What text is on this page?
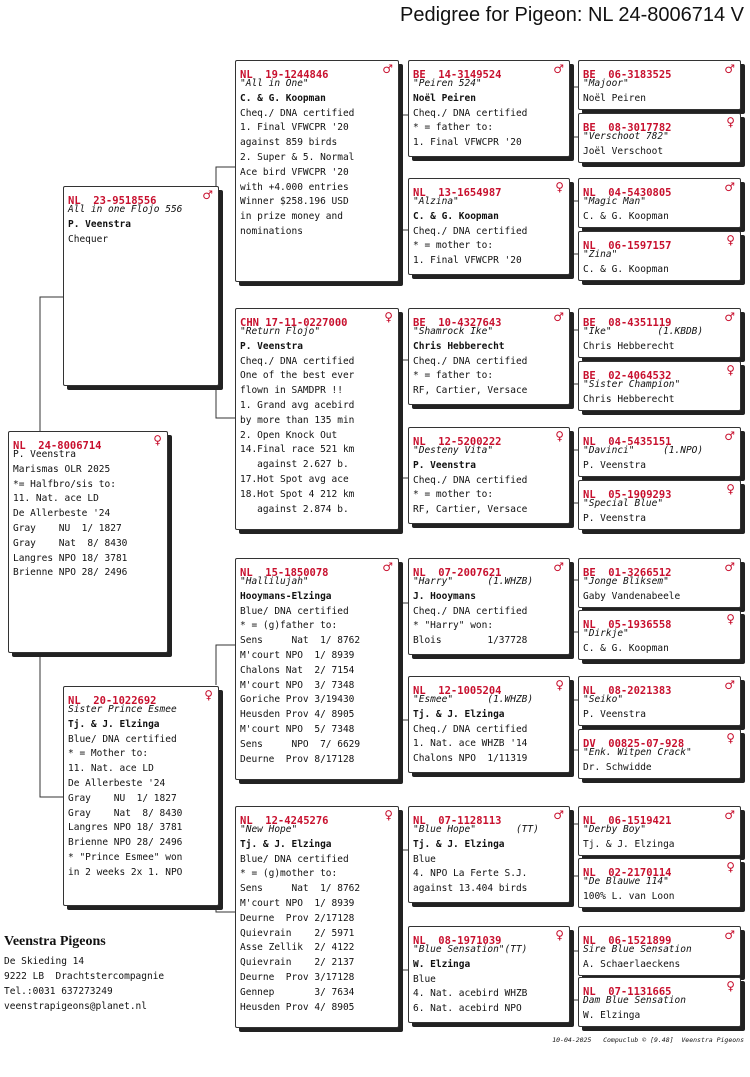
Pedigree for Pigeon: NL 24-8006714 V
NL  24-8006714	♀
P. Veenstra
Marismas OLR 2025
*= Halfbro/sis to:
11. Nat. ace LD
De Allerbeste '24
Gray    NU  1/ 1827
Gray    Nat  8/ 8430
Langres NPO 18/ 3781
Brienne NPO 28/ 2496
NL  23-9518556	♂
All in one Flojo 556
P. Veenstra
Chequer
NL  20-1022692	♀
Sister Prince Esmee
Tj. & J. Elzinga
Blue/ DNA certified
* = Mother to:
11. Nat. ace LD
De Allerbeste '24
Gray    NU  1/ 1827
Gray    Nat  8/ 8430
Langres NPO 18/ 3781
Brienne NPO 28/ 2496
* "Prince Esmee" won
in 2 weeks 2x 1. NPO
NL  19-1244846	♂
"All in One"
C. & G. Koopman
Cheq./ DNA certified
1. Final VFWCPR '20
against 859 birds
2. Super & 5. Normal
Ace bird VFWCPR '20
with +4.000 entries
Winner $258.196 USD
in prize money and
nominations
CHN 17-11-0227000	♀
"Return Flojo"
P. Veenstra
Cheq./ DNA certified
One of the best ever
flown in SAMDPR !!
1. Grand avg acebird
by more than 135 min
2. Open Knock Out
14.Final race 521 km
against 2.627 b.
17.Hot Spot avg ace
18.Hot Spot 4 212 km
against 2.874 b.
NL  15-1850078	♂
"Hallilujah"
Hooymans-Elzinga
Blue/ DNA certified
* = (g)father to:
Sens     Nat  1/ 8762
M'court NPO  1/ 8939
Chalons Nat  2/ 7154
M'court NPO  3/ 7348
Goriche Prov 3/19430
Heusden Prov 4/ 8905
M'court NPO  5/ 7348
Sens     NPO  7/ 6629
Deurne  Prov 8/17128
NL  12-4245276	♀
"New Hope"
Tj. & J. Elzinga
Blue/ DNA certified
* = (g)mother to:
Sens     Nat  1/ 8762
M'court NPO  1/ 8939
Deurne  Prov 2/17128
Quievrain    2/ 5971
Asse Zellik  2/ 4122
Quievrain    2/ 2137
Deurne  Prov 3/17128
Gennep       3/ 7634
Heusden Prov 4/ 8905
BE  14-3149524	♂
"Peiren 524"
Noël Peiren
Cheq./ DNA certified
* = father to:
1. Final VFWCPR '20
NL  13-1654987	♀
"Alzina"
C. & G. Koopman
Cheq./ DNA certified
* = mother to:
1. Final VFWCPR '20
BE  10-4327643	♂
"Shamrock Ike"
Chris Hebberecht
Cheq./ DNA certified
* = father to:
RF, Cartier, Versace
NL  12-5200222	♀
"Desteny Vita"
P. Veenstra
Cheq./ DNA certified
* = mother to:
RF, Cartier, Versace
NL  07-2007621	♂
"Harry"      (1.WHZB)
J. Hooymans
Cheq./ DNA certified
* "Harry" won:
Blois        1/37728
NL  12-1005204	♀
"Esmee"      (1.WHZB)
Tj. & J. Elzinga
Cheq./ DNA certified
1. Nat. ace WHZB '14
Chalons NPO  1/11319
NL  07-1128113	♂
"Blue Hope"       (TT)
Tj. & J. Elzinga
Blue
4. NPO La Ferte S.J.
against 13.404 birds
NL  08-1971039	♀
"Blue Sensation"(TT)
W. Elzinga
Blue
4. Nat. acebird WHZB
6. Nat. acebird NPO
BE  06-3183525	♂
"Majoor"
Noël Peiren
BE  08-3017782	♀
"Verschoot 782"
Joël Verschoot
NL  04-5430805	♂
"Magic Man"
C. & G. Koopman
NL  06-1597157	♀
"Zina"
C. & G. Koopman
BE  08-4351119	♂
"Ike"        (1.KBDB)
Chris Hebberecht
BE  02-4064532	♀
"Sister Champion"
Chris Hebberecht
NL  04-5435151	♂
"Davinci"     (1.NPO)
P. Veenstra
NL  05-1909293	♀
"Special Blue"
P. Veenstra
BE  01-3266512	♂
"Jonge Bliksem"
Gaby Vandenabeele
NL  05-1936558	♀
"Dirkje"
C. & G. Koopman
NL  08-2021383	♂
"Seiko"
P. Veenstra
DV  00825-07-928	♀
"Enk. Witpen Crack"
Dr. Schwidde
NL  06-1519421	♂
"Derby Boy"
Tj. & J. Elzinga
NL  02-2170114	♀
"De Blauwe 114"
100% L. van Loon
NL  06-1521899	♂
Sire Blue Sensation
A. Schaerlaeckens
NL  07-1131665	♀
Dam Blue Sensation
W. Elzinga
Veenstra Pigeons
De Skieding 14
9222 LB  Drachtstercompagnie
Tel.:0031 637273249
veenstrapigeons@planet.nl
10-04-2025   Compuclub © [9.48]  Veenstra Pigeons
